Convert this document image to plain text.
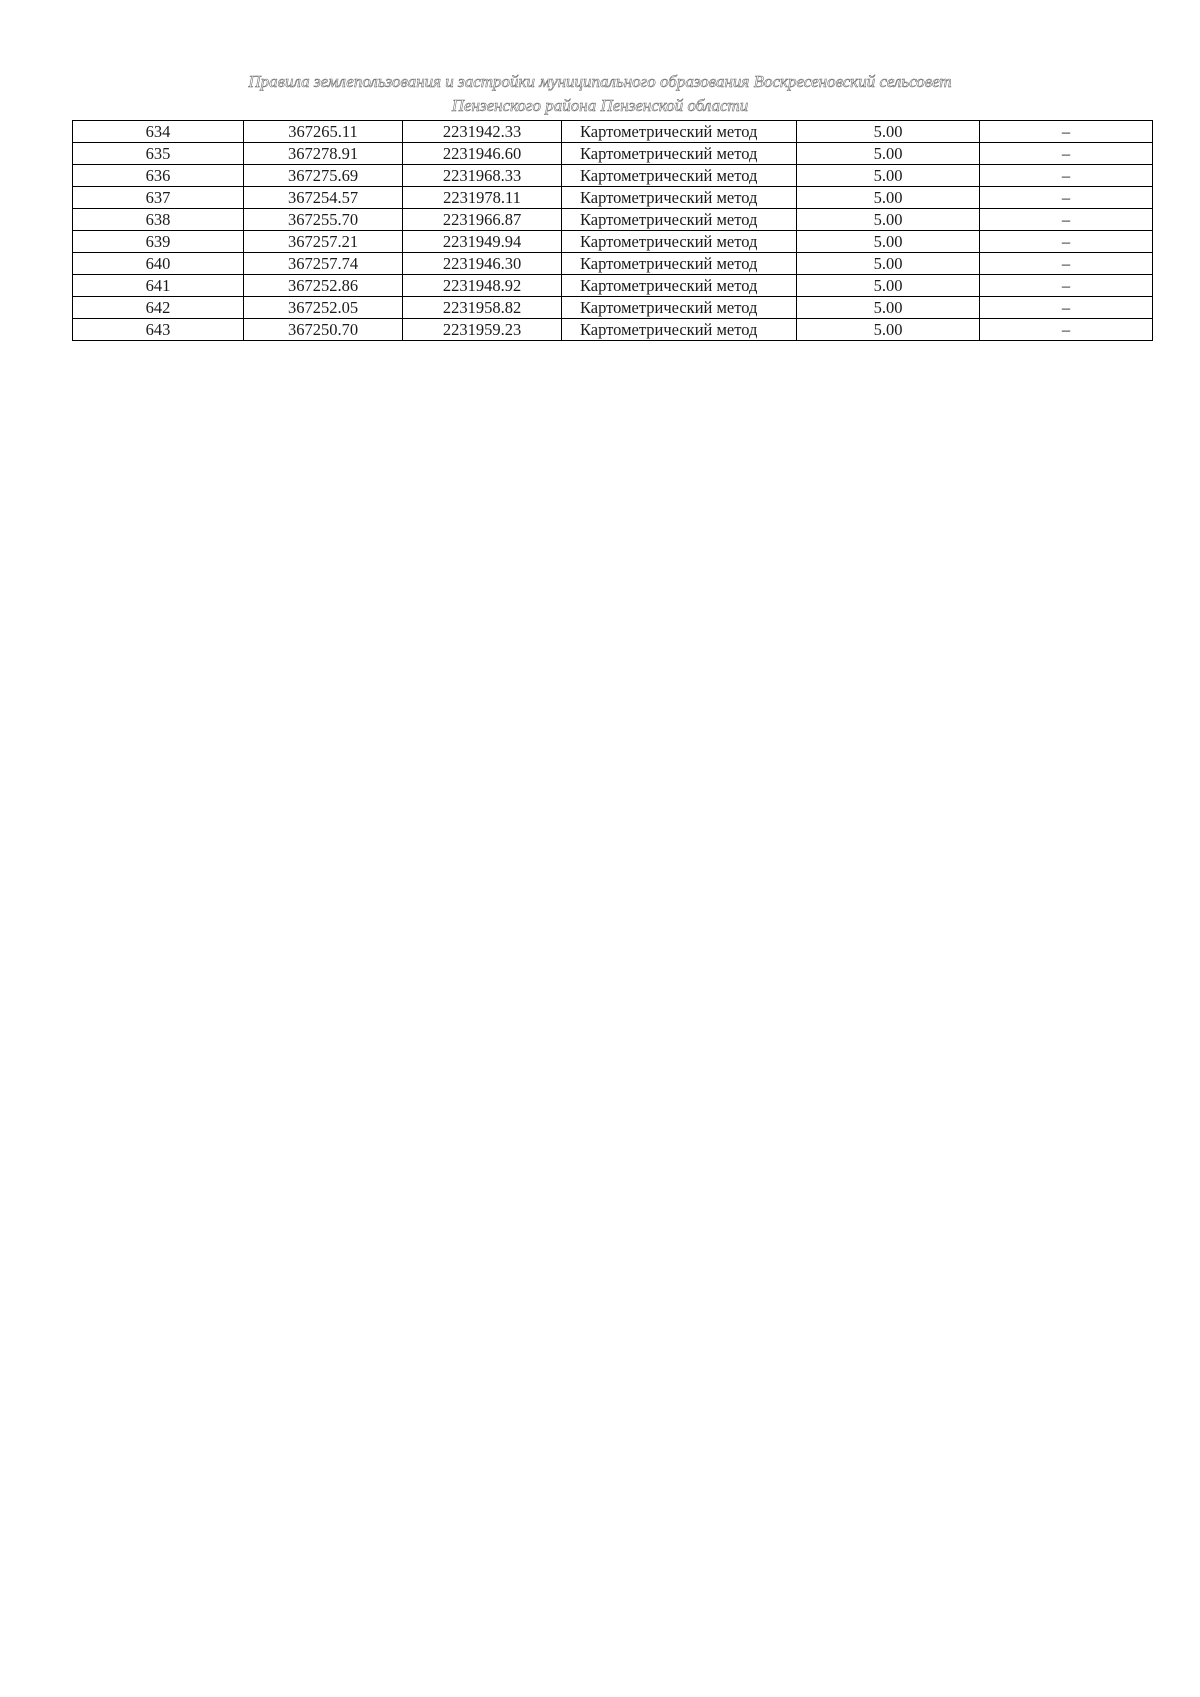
Правила землепользования и застройки муниципального образования Воскресеновский сельсовет
Пензенского района Пензенской области
634	367265.11	2231942.33	Картометрический метод	5.00	–
635	367278.91	2231946.60	Картометрический метод	5.00	–
636	367275.69	2231968.33	Картометрический метод	5.00	–
637	367254.57	2231978.11	Картометрический метод	5.00	–
638	367255.70	2231966.87	Картометрический метод	5.00	–
639	367257.21	2231949.94	Картометрический метод	5.00	–
640	367257.74	2231946.30	Картометрический метод	5.00	–
641	367252.86	2231948.92	Картометрический метод	5.00	–
642	367252.05	2231958.82	Картометрический метод	5.00	–
643	367250.70	2231959.23	Картометрический метод	5.00	–
